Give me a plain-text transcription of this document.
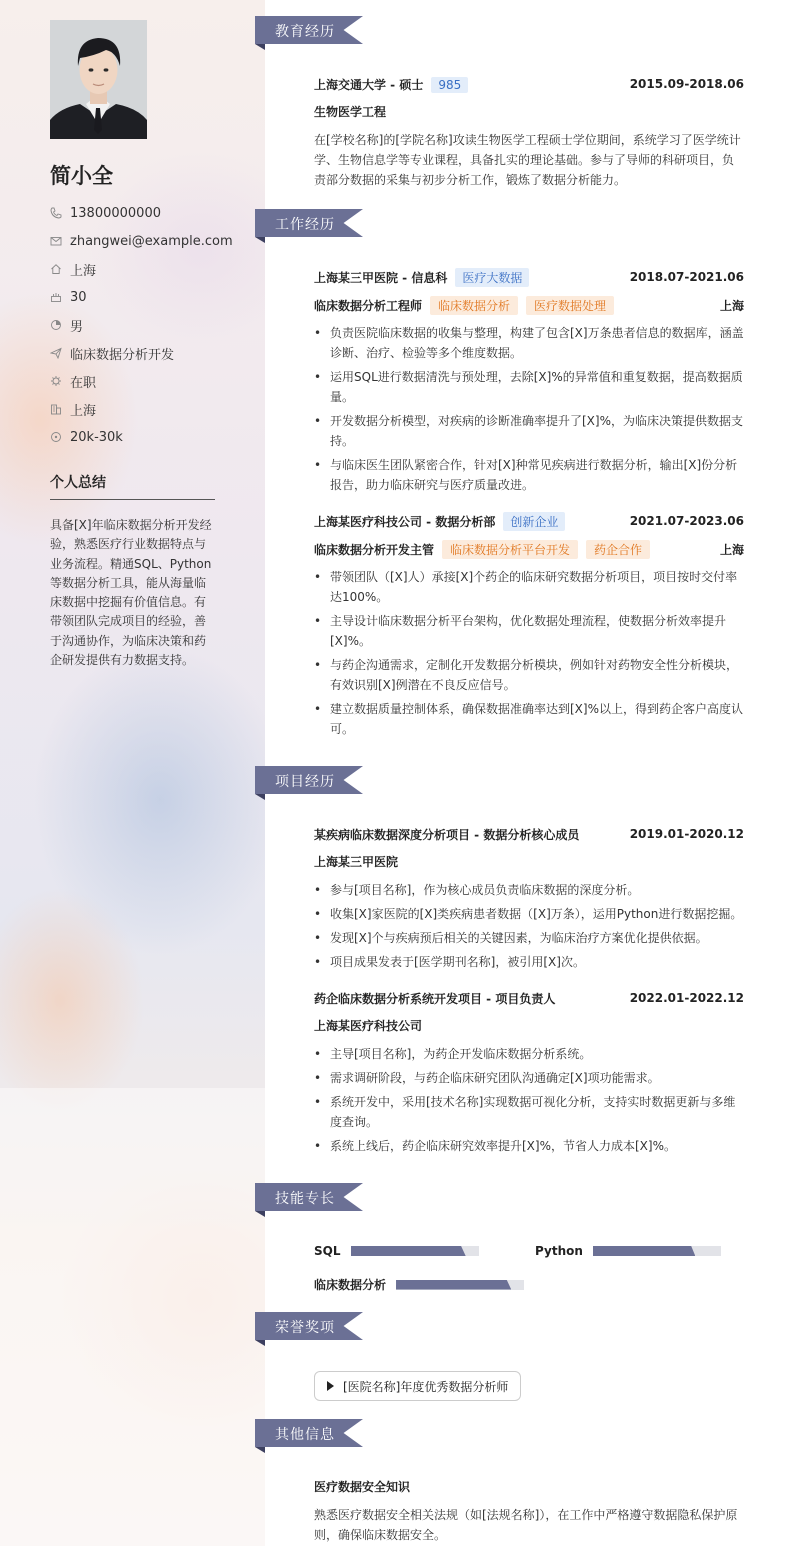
简小全
13800000000
zhangwei@example.com
上海
30
男
临床数据分析开发
在职
上海
20k-30k
个人总结
具备[X]年临床数据分析开发经验，熟悉医疗行业数据特点与业务流程。精通SQL、Python等数据分析工具，能从海量临床数据中挖掘有价值信息。有带领团队完成项目的经验，善于沟通协作，为临床决策和药企研发提供有力数据支持。
教育经历
上海交通大学 - 硕士 985	2015.09-2018.06
生物医学工程
在[学校名称]的[学院名称]攻读生物医学工程硕士学位期间，系统学习了医学统计学、生物信息学等专业课程，具备扎实的理论基础。参与了导师的科研项目，负责部分数据的采集与初步分析工作，锻炼了数据分析能力。
工作经历
上海某三甲医院 - 信息科 医疗大数据	2018.07-2021.06
临床数据分析工程师 临床数据分析 医疗数据处理	上海
• 负责医院临床数据的收集与整理，构建了包含[X]万条患者信息的数据库，涵盖诊断、治疗、检验等多个维度数据。
• 运用SQL进行数据清洗与预处理，去除[X]%的异常值和重复数据，提高数据质量。
• 开发数据分析模型，对疾病的诊断准确率提升了[X]%，为临床决策提供数据支持。
• 与临床医生团队紧密合作，针对[X]种常见疾病进行数据分析，输出[X]份分析报告，助力临床研究与医疗质量改进。
上海某医疗科技公司 - 数据分析部 创新企业	2021.07-2023.06
临床数据分析开发主管 临床数据分析平台开发 药企合作	上海
• 带领团队（[X]人）承接[X]个药企的临床研究数据分析项目，项目按时交付率达100%。
• 主导设计临床数据分析平台架构，优化数据处理流程，使数据分析效率提升[X]%。
• 与药企沟通需求，定制化开发数据分析模块，例如针对药物安全性分析模块，有效识别[X]例潜在不良反应信号。
• 建立数据质量控制体系，确保数据准确率达到[X]%以上，得到药企客户高度认可。
项目经历
某疾病临床数据深度分析项目 - 数据分析核心成员	2019.01-2020.12
上海某三甲医院
• 参与[项目名称]，作为核心成员负责临床数据的深度分析。
• 收集[X]家医院的[X]类疾病患者数据（[X]万条），运用Python进行数据挖掘。
• 发现[X]个与疾病预后相关的关键因素，为临床治疗方案优化提供依据。
• 项目成果发表于[医学期刊名称]，被引用[X]次。
药企临床数据分析系统开发项目 - 项目负责人	2022.01-2022.12
上海某医疗科技公司
• 主导[项目名称]，为药企开发临床数据分析系统。
• 需求调研阶段，与药企临床研究团队沟通确定[X]项功能需求。
• 系统开发中，采用[技术名称]实现数据可视化分析，支持实时数据更新与多维度查询。
• 系统上线后，药企临床研究效率提升[X]%，节省人力成本[X]%。
技能专长
SQL	Python
临床数据分析
荣誉奖项
[医院名称]年度优秀数据分析师
其他信息
医疗数据安全知识
熟悉医疗数据安全相关法规（如[法规名称]），在工作中严格遵守数据隐私保护原则，确保临床数据安全。
